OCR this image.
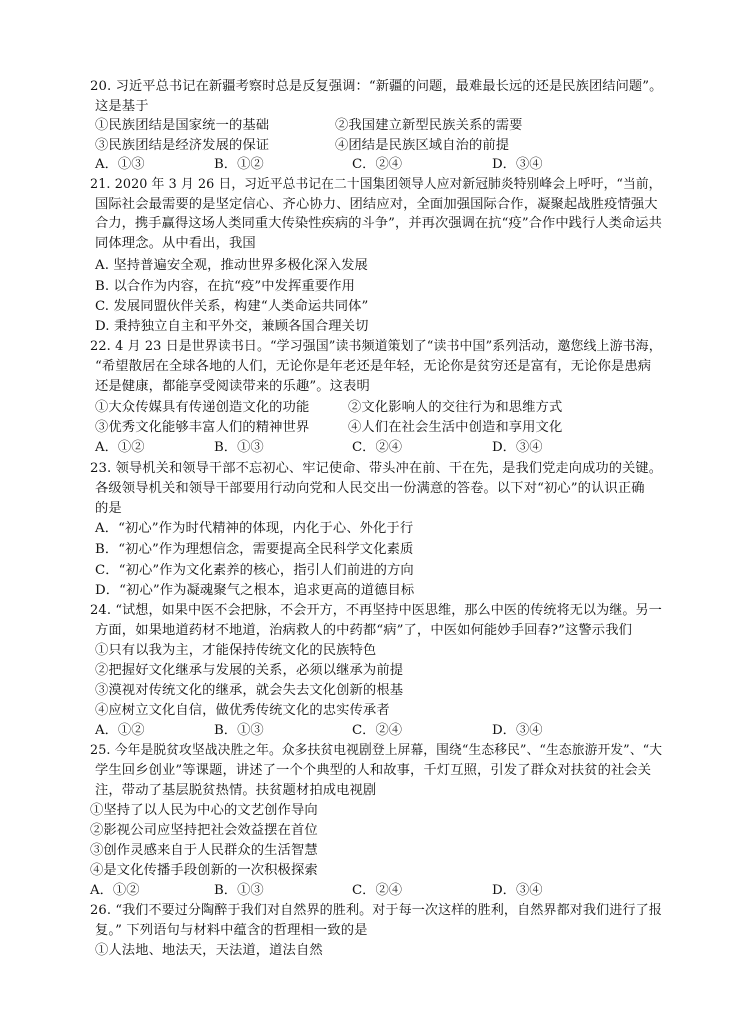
20. 习近平总书记在新疆考察时总是反复强调：“新疆的问题，最难最长远的还是民族团结问题”。
这是基于
①民族团结是国家统一的基础	②我国建立新型民族关系的需要
③民族团结是经济发展的保证	④团结是民族区域自治的前提
A．①③	B．①②	C．②④	D．③④
21. 2020 年 3 月 26 日，习近平总书记在二十国集团领导人应对新冠肺炎特别峰会上呼吁，“当前，
国际社会最需要的是坚定信心、齐心协力、团结应对，全面加强国际合作，凝聚起战胜疫情强大
合力，携手赢得这场人类同重大传染性疾病的斗争”，并再次强调在抗“疫”合作中践行人类命运共
同体理念。从中看出，我国
A. 坚持普遍安全观，推动世界多极化深入发展
B. 以合作为内容，在抗“疫”中发挥重要作用
C. 发展同盟伙伴关系，构建“人类命运共同体”
D. 秉持独立自主和平外交，兼顾各国合理关切
22. 4 月 23 日是世界读书日。“学习强国”读书频道策划了“读书中国”系列活动，邀您线上游书海，
“希望散居在全球各地的人们，无论你是年老还是年轻，无论你是贫穷还是富有，无论你是患病
还是健康，都能享受阅读带来的乐趣”。这表明
①大众传媒具有传递创造文化的功能	②文化影响人的交往行为和思维方式
③优秀文化能够丰富人们的精神世界	④人们在社会生活中创造和享用文化
A．①②	B．①③	C．②④	D．③④
23. 领导机关和领导干部不忘初心、牢记使命、带头冲在前、干在先，是我们党走向成功的关键。
各级领导机关和领导干部要用行动向党和人民交出一份满意的答卷。以下对“初心”的认识正确
的是
A．“初心”作为时代精神的体现，内化于心、外化于行
B．“初心”作为理想信念，需要提高全民科学文化素质
C．“初心”作为文化素养的核心，指引人们前进的方向
D．“初心”作为凝魂聚气之根本，追求更高的道德目标
24. “试想，如果中医不会把脉，不会开方，不再坚持中医思维，那么中医的传统将无以为继。另一
方面，如果地道药材不地道，治病救人的中药都“病”了，中医如何能妙手回春?”这警示我们
①只有以我为主，才能保持传统文化的民族特色
②把握好文化继承与发展的关系，必须以继承为前提
③漠视对传统文化的继承，就会失去文化创新的根基
④应树立文化自信，做优秀传统文化的忠实传承者
A．①②	B．①③	C．②④	D．③④
25. 今年是脱贫攻坚战决胜之年。众多扶贫电视剧登上屏幕，围绕“生态移民”、“生态旅游开发”、“大
学生回乡创业”等课题，讲述了一个个典型的人和故事，千灯互照，引发了群众对扶贫的社会关
注，带动了基层脱贫热情。扶贫题材拍成电视剧
①坚持了以人民为中心的文艺创作导向
②影视公司应坚持把社会效益摆在首位
③创作灵感来自于人民群众的生活智慧
④是文化传播手段创新的一次积极探索
A．①②	B．①③	C．②④	D．③④
26. “我们不要过分陶醉于我们对自然界的胜利。对于每一次这样的胜利，自然界都对我们进行了报
复。” 下列语句与材料中蕴含的哲理相一致的是
①人法地、地法天，天法道，道法自然
